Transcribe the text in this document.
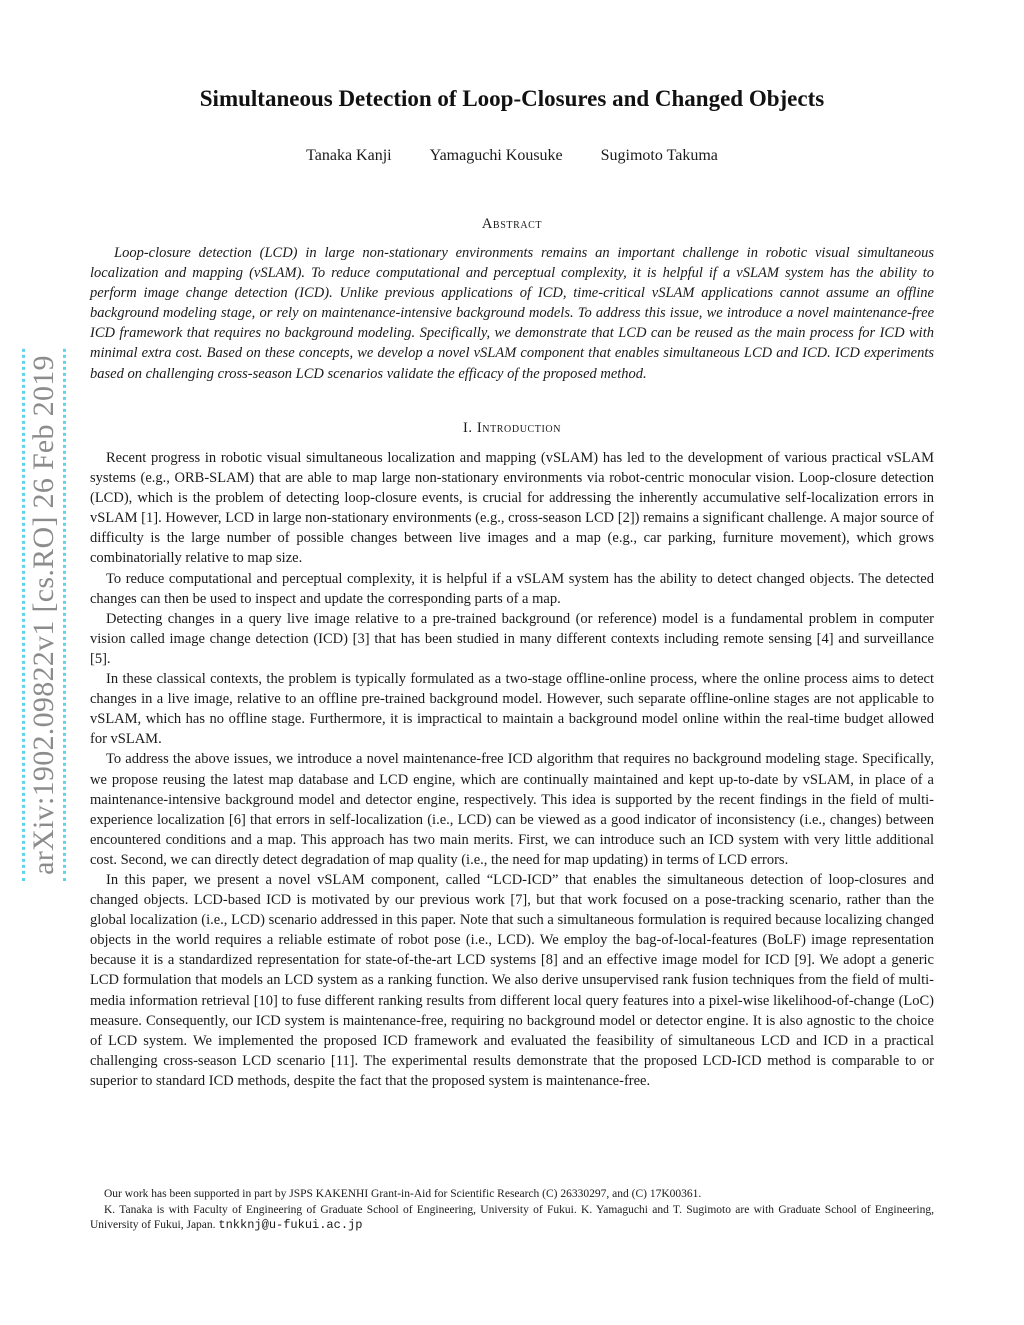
arXiv:1902.09822v1 [cs.RO] 26 Feb 2019
Simultaneous Detection of Loop-Closures and Changed Objects
Tanaka Kanji Yamaguchi Kousuke Sugimoto Takuma
Abstract

Loop-closure detection (LCD) in large non-stationary environments remains an important challenge in robotic visual simultaneous localization and mapping (vSLAM). To reduce computational and perceptual complexity, it is helpful if a vSLAM system has the ability to perform image change detection (ICD). Unlike previous applications of ICD, time-critical vSLAM applications cannot assume an offline background modeling stage, or rely on maintenance-intensive background models. To address this issue, we introduce a novel maintenance-free ICD framework that requires no background modeling. Specifically, we demonstrate that LCD can be reused as the main process for ICD with minimal extra cost. Based on these concepts, we develop a novel vSLAM component that enables simultaneous LCD and ICD. ICD experiments based on challenging cross-season LCD scenarios validate the efficacy of the proposed method.

I. Introduction

Recent progress in robotic visual simultaneous localization and mapping (vSLAM) has led to the development of various practical vSLAM systems (e.g., ORB-SLAM) that are able to map large non-stationary environments via robot-centric monocular vision. Loop-closure detection (LCD), which is the problem of detecting loop-closure events, is crucial for addressing the inherently accumulative self-localization errors in vSLAM [1]. However, LCD in large non-stationary environments (e.g., cross-season LCD [2]) remains a significant challenge. A major source of difficulty is the large number of possible changes between live images and a map (e.g., car parking, furniture movement), which grows combinatorially relative to map size.

To reduce computational and perceptual complexity, it is helpful if a vSLAM system has the ability to detect changed objects. The detected changes can then be used to inspect and update the corresponding parts of a map.

Detecting changes in a query live image relative to a pre-trained background (or reference) model is a fundamental problem in computer vision called image change detection (ICD) [3] that has been studied in many different contexts including remote sensing [4] and surveillance [5].

In these classical contexts, the problem is typically formulated as a two-stage offline-online process, where the online process aims to detect changes in a live image, relative to an offline pre-trained background model. However, such separate offline-online stages are not applicable to vSLAM, which has no offline stage. Furthermore, it is impractical to maintain a background model online within the real-time budget allowed for vSLAM.

To address the above issues, we introduce a novel maintenance-free ICD algorithm that requires no background modeling stage. Specifically, we propose reusing the latest map database and LCD engine, which are continually maintained and kept up-to-date by vSLAM, in place of a maintenance-intensive background model and detector engine, respectively. This idea is supported by the recent findings in the field of multi-experience localization [6] that errors in self-localization (i.e., LCD) can be viewed as a good indicator of inconsistency (i.e., changes) between encountered conditions and a map. This approach has two main merits. First, we can introduce such an ICD system with very little additional cost. Second, we can directly detect degradation of map quality (i.e., the need for map updating) in terms of LCD errors.

In this paper, we present a novel vSLAM component, called “LCD-ICD” that enables the simultaneous detection of loop-closures and changed objects. LCD-based ICD is motivated by our previous work [7], but that work focused on a pose-tracking scenario, rather than the global localization (i.e., LCD) scenario addressed in this paper. Note that such a simultaneous formulation is required because localizing changed objects in the world requires a reliable estimate of robot pose (i.e., LCD). We employ the bag-of-local-features (BoLF) image representation because it is a standardized representation for state-of-the-art LCD systems [8] and an effective image model for ICD [9]. We adopt a generic LCD formulation that models an LCD system as a ranking function. We also derive unsupervised rank fusion techniques from the field of multi-media information retrieval [10] to fuse different ranking results from different local query features into a pixel-wise likelihood-of-change (LoC) measure. Consequently, our ICD system is maintenance-free, requiring no background model or detector engine. It is also agnostic to the choice of LCD system. We implemented the proposed ICD framework and evaluated the feasibility of simultaneous LCD and ICD in a practical challenging cross-season LCD scenario [11]. The experimental results demonstrate that the proposed LCD-ICD method is comparable to or superior to standard ICD methods, despite the fact that the proposed system is maintenance-free.

Our work has been supported in part by JSPS KAKENHI Grant-in-Aid for Scientific Research (C) 26330297, and (C) 17K00361.

K. Tanaka is with Faculty of Engineering of Graduate School of Engineering, University of Fukui. K. Yamaguchi and T. Sugimoto are with Graduate School of Engineering, University of Fukui, Japan. tnkknj@u-fukui.ac.jp
